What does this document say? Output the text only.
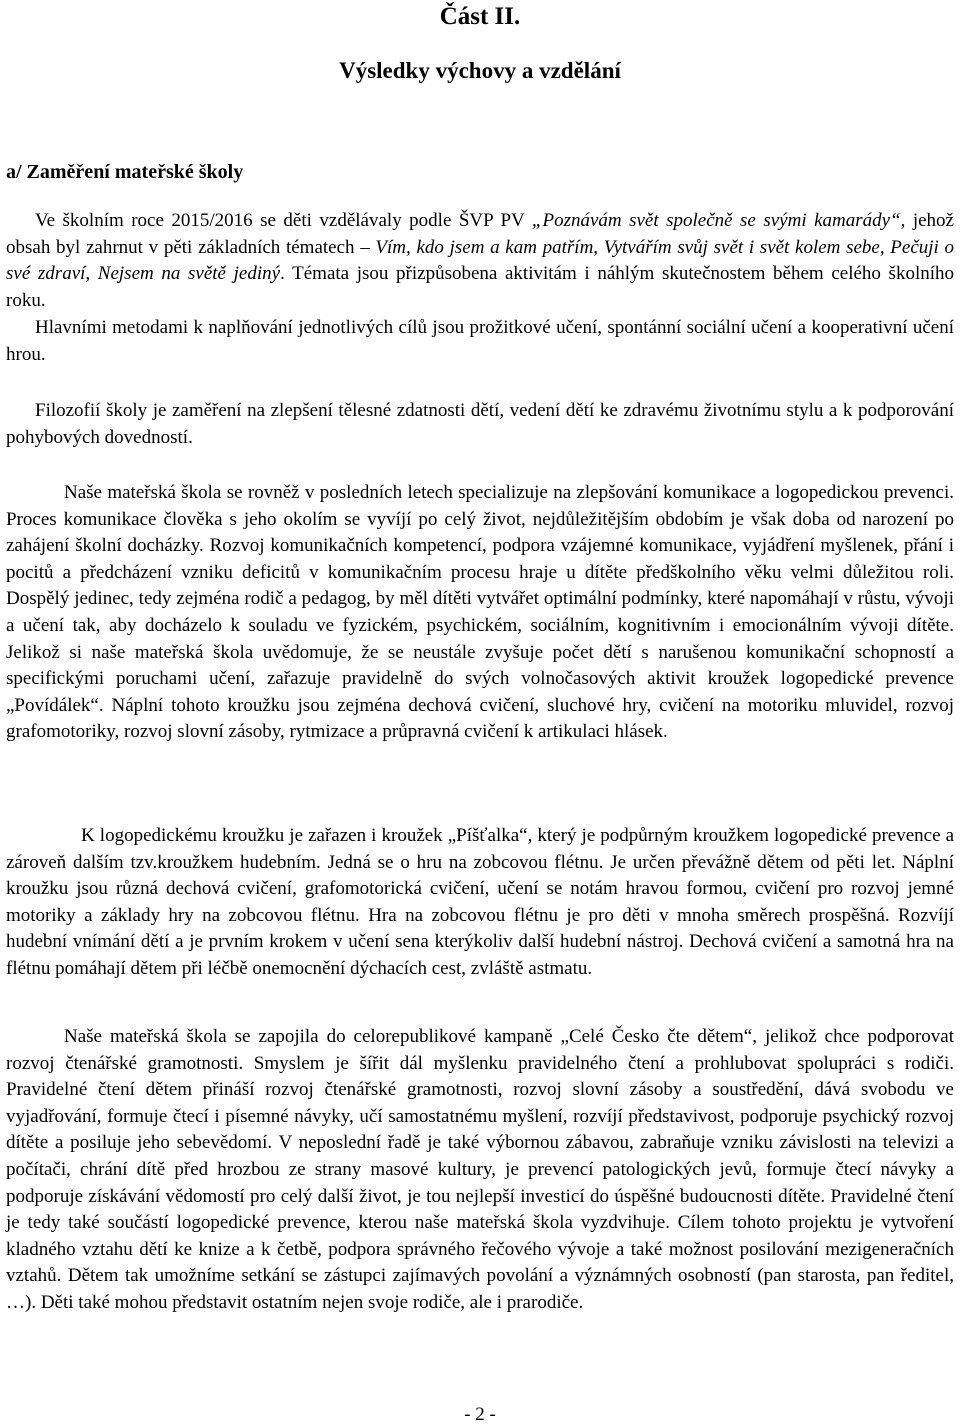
Část II.
Výsledky výchovy a vzdělání
a/ Zaměření mateřské školy

Ve školním roce 2015/2016 se děti vzdělávaly podle ŠVP PV „Poznávám svět společně se svými kamarády“, jehož obsah byl zahrnut v pěti základních tématech – Vím, kdo jsem a kam patřím, Vytvářím svůj svět i svět kolem sebe, Pečuji o své zdraví, Nejsem na světě jediný. Témata jsou přizpůsobena aktivitám i náhlým skutečnostem během celého školního roku.

Hlavními metodami k naplňování jednotlivých cílů jsou prožitkové učení, spontánní sociální učení a kooperativní učení hrou.

Filozofií školy je zaměření na zlepšení tělesné zdatnosti dětí, vedení dětí ke zdravému životnímu stylu a k podporování pohybových dovedností.

Naše mateřská škola se rovněž v posledních letech specializuje na zlepšování komunikace a logopedickou prevenci. Proces komunikace člověka s jeho okolím se vyvíjí po celý život, nejdůležitějším obdobím je však doba od narození po zahájení školní docházky. Rozvoj komunikačních kompetencí, podpora vzájemné komunikace, vyjádření myšlenek, přání i pocitů a předcházení vzniku deficitů v komunikačním procesu hraje u dítěte předškolního věku velmi důležitou roli. Dospělý jedinec, tedy zejména rodič a pedagog, by měl dítěti vytvářet optimální podmínky, které napomáhají v růstu, vývoji a učení tak, aby docházelo k souladu ve fyzickém, psychickém, sociálním, kognitivním i emocionálním vývoji dítěte. Jelikož si naše mateřská škola uvědomuje, že se neustále zvyšuje počet dětí s narušenou komunikační schopností a specifickými poruchami učení, zařazuje pravidelně do svých volnočasových aktivit kroužek logopedické prevence „Povídálek“. Náplní tohoto kroužku jsou zejména dechová cvičení, sluchové hry, cvičení na motoriku mluvidel, rozvoj grafomotoriky, rozvoj slovní zásoby, rytmizace a průpravná cvičení k artikulaci hlásek.

K logopedickému kroužku je zařazen i kroužek „Píšťalka“, který je podpůrným kroužkem logopedické prevence a zároveň dalším tzv.kroužkem hudebním. Jedná se o hru na zobcovou flétnu. Je určen převážně dětem od pěti let. Náplní kroužku jsou různá dechová cvičení, grafomotorická cvičení, učení se notám hravou formou, cvičení pro rozvoj jemné motoriky a základy hry na zobcovou flétnu. Hra na zobcovou flétnu je pro děti v mnoha směrech prospěšná. Rozvíjí hudební vnímání dětí a je prvním krokem v učení sena kterýkoliv další hudební nástroj. Dechová cvičení a samotná hra na flétnu pomáhají dětem při léčbě onemocnění dýchacích cest, zvláště astmatu.

Naše mateřská škola se zapojila do celorepublikové kampaně „Celé Česko čte dětem“, jelikož chce podporovat rozvoj čtenářské gramotnosti. Smyslem je šířit dál myšlenku pravidelného čtení a prohlubovat spolupráci s rodiči. Pravidelné čtení dětem přináší rozvoj čtenářské gramotnosti, rozvoj slovní zásoby a soustředění, dává svobodu ve vyjadřování, formuje čtecí i písemné návyky, učí samostatnému myšlení, rozvíjí představivost, podporuje psychický rozvoj dítěte a posiluje jeho sebevědomí. V neposlední řadě je také výbornou zábavou, zabraňuje vzniku závislosti na televizi a počítači, chrání dítě před hrozbou ze strany masové kultury, je prevencí patologických jevů, formuje čtecí návyky a podporuje získávání vědomostí pro celý další život, je tou nejlepší investicí do úspěšné budoucnosti dítěte. Pravidelné čtení je tedy také součástí logopedické prevence, kterou naše mateřská škola vyzdvihuje. Cílem tohoto projektu je vytvoření kladného vztahu dětí ke knize a k četbě, podpora správného řečového vývoje a také možnost posilování mezigeneračních vztahů. Dětem tak umožníme setkání se zástupci zajímavých povolání a význámných osobností (pan starosta, pan ředitel, …). Děti také mohou představit ostatním nejen svoje rodiče, ale i prarodiče.

- 2 -
